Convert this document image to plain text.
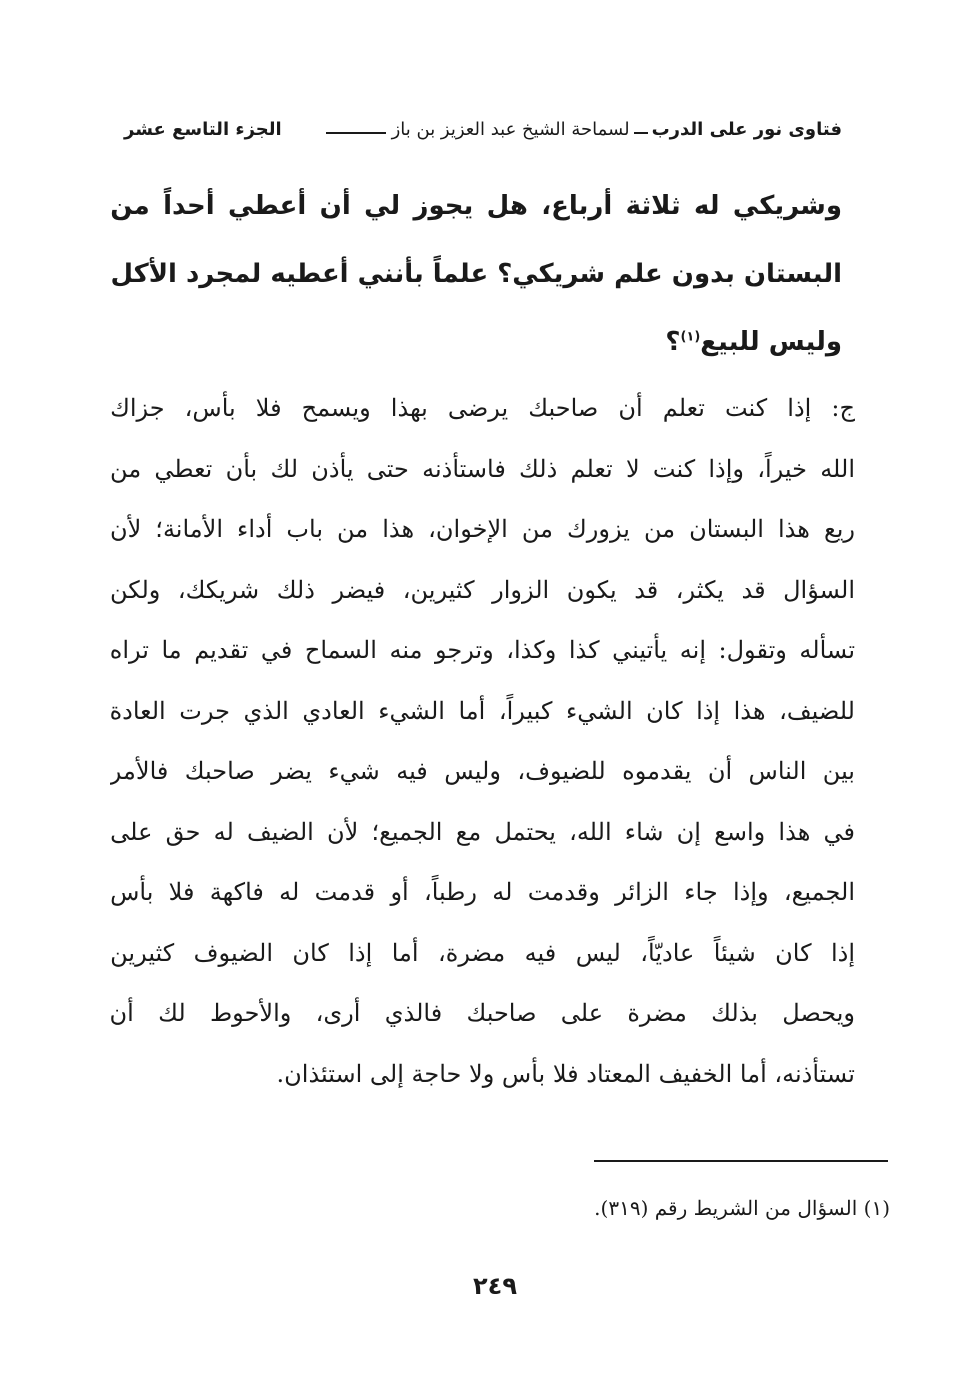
فتاوى نور على الدرب
لسماحة الشيخ عبد العزيز بن باز
الجزء التاسع عشر
وشريكي له ثلاثة أرباع، هل يجوز لي أن أعطي أحداً من
البستان بدون علم شريكي؟ علماً بأنني أعطيه لمجرد الأكل
وليس للبيع$^{(١)}$؟
ج: إذا كنت تعلم أن صاحبك يرضى بهذا ويسمح فلا بأس، جزاك
الله خيراً، وإذا كنت لا تعلم ذلك فاستأذنه حتى يأذن لك بأن تعطي من
ريع هذا البستان من يزورك من الإخوان، هذا من باب أداء الأمانة؛ لأن
السؤال قد يكثر، قد يكون الزوار كثيرين، فيضر ذلك شريكك، ولكن
تسأله وتقول: إنه يأتيني كذا وكذا، وترجو منه السماح في تقديم ما تراه
للضيف، هذا إذا كان الشيء كبيراً، أما الشيء العادي الذي جرت العادة
بين الناس أن يقدموه للضيوف، وليس فيه شيء يضر صاحبك فالأمر
في هذا واسع إن شاء الله، يحتمل مع الجميع؛ لأن الضيف له حق على
الجميع، وإذا جاء الزائر وقدمت له رطباً، أو قدمت له فاكهة فلا بأس
إذا كان شيئاً عاديّاً، ليس فيه مضرة، أما إذا كان الضيوف كثيرين
ويحصل بذلك مضرة على صاحبك فالذي أرى، والأحوط لك أن
تستأذنه، أما الخفيف المعتاد فلا بأس ولا حاجة إلى استئذان.
(١) السؤال من الشريط رقم (٣١٩).
٢٤٩
